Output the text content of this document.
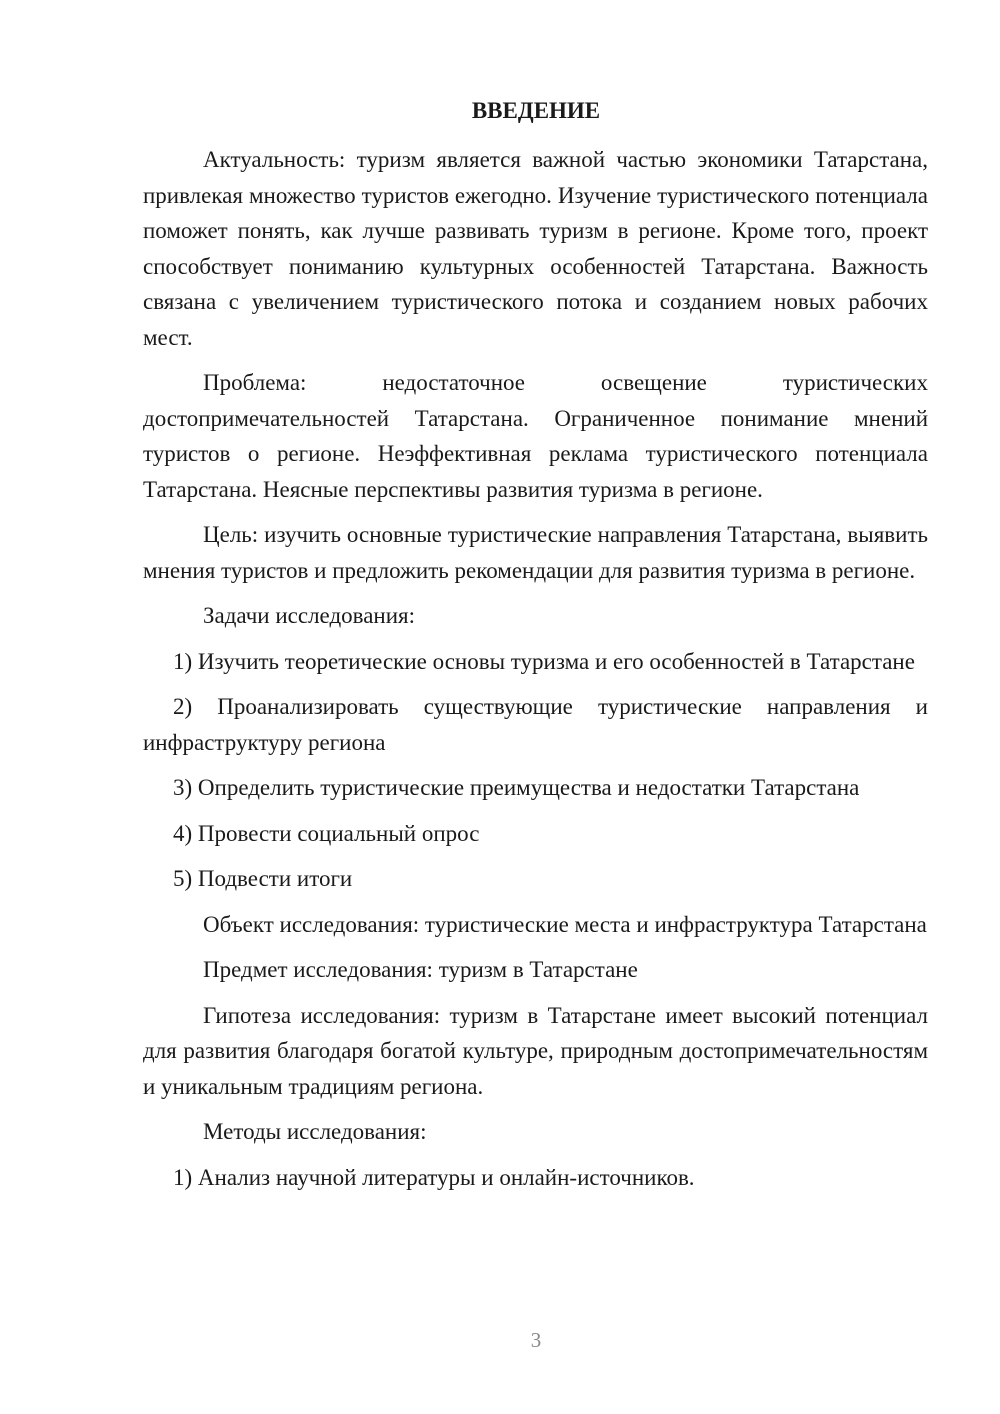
ВВЕДЕНИЕ

Актуальность: туризм является важной частью экономики Татарстана, привлекая множество туристов ежегодно. Изучение туристического потенциала поможет понять, как лучше развивать туризм в регионе. Кроме того, проект способствует пониманию культурных особенностей Татарстана. Важность связана с увеличением туристического потока и созданием новых рабочих мест.

Проблема: недостаточное освещение туристических достопримечательностей Татарстана. Ограниченное понимание мнений туристов о регионе. Неэффективная реклама туристического потенциала Татарстана. Неясные перспективы развития туризма в регионе.

Цель: изучить основные туристические направления Татарстана, выявить мнения туристов и предложить рекомендации для развития туризма в регионе.

Задачи исследования:

1) Изучить теоретические основы туризма и его особенностей в Татарстане

2) Проанализировать существующие туристические направления и инфраструктуру региона

3) Определить туристические преимущества и недостатки Татарстана

4) Провести социальный опрос

5) Подвести итоги

Объект исследования: туристические места и инфраструктура Татарстана

Предмет исследования: туризм в Татарстане

Гипотеза исследования: туризм в Татарстане имеет высокий потенциал для развития благодаря богатой культуре, природным достопримечательностям и уникальным традициям региона.

Методы исследования:

1) Анализ научной литературы и онлайн-источников.

3
